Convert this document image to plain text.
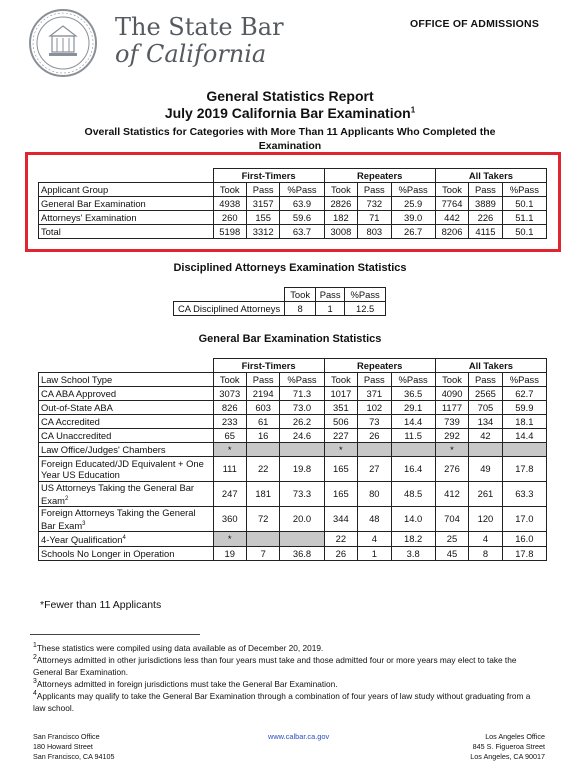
The State Bar
of California
OFFICE OF ADMISSIONS
General Statistics Report
July 2019 California Bar Examination$^1$
Overall Statistics for Categories with More Than 11 Applicants Who Completed the Examination
	First-Timers			Repeaters			All Takers		
Applicant Group	Took	Pass	%Pass	Took	Pass	%Pass	Took	Pass	%Pass
General Bar Examination	4938	3157	63.9	2826	732	25.9	7764	3889	50.1
Attorneys' Examination	260	155	59.6	182	71	39.0	442	226	51.1
Total	5198	3312	63.7	3008	803	26.7	8206	4115	50.1
Disciplined Attorneys Examination Statistics
	Took	Pass	%Pass
CA Disciplined Attorneys	8	1	12.5
General Bar Examination Statistics
	First-Timers			Repeaters			All Takers		
Law School Type	Took	Pass	%Pass	Took	Pass	%Pass	Took	Pass	%Pass
CA ABA Approved	3073	2194	71.3	1017	371	36.5	4090	2565	62.7
Out-of-State ABA	826	603	73.0	351	102	29.1	1177	705	59.9
CA Accredited	233	61	26.2	506	73	14.4	739	134	18.1
CA Unaccredited	65	16	24.6	227	26	11.5	292	42	14.4
Law Office/Judges' Chambers	*			*			*		
Foreign Educated/JD Equivalent + One Year US Education	111	22	19.8	165	27	16.4	276	49	17.8
US Attorneys Taking the General Bar Exam$^2$	247	181	73.3	165	80	48.5	412	261	63.3
Foreign Attorneys Taking the General Bar Exam$^3$	360	72	20.0	344	48	14.0	704	120	17.0
4-Year Qualification$^4$	*			22	4	18.2	25	4	16.0
Schools No Longer in Operation	19	7	36.8	26	1	3.8	45	8	17.8
*Fewer than 11 Applicants
$^1$These statistics were compiled using data available as of December 20, 2019.
$^2$Attorneys admitted in other jurisdictions less than four years must take and those admitted four or more years may elect to take the General Bar Examination.
$^3$Attorneys admitted in foreign jurisdictions must take the General Bar Examination.
$^4$Applicants may qualify to take the General Bar Examination through a combination of four years of law study without graduating from a law school.
San Francisco Office
180 Howard Street
San Francisco, CA 94105
www.calbar.ca.gov	Los Angeles Office
845 S. Figueroa Street
Los Angeles, CA 90017
